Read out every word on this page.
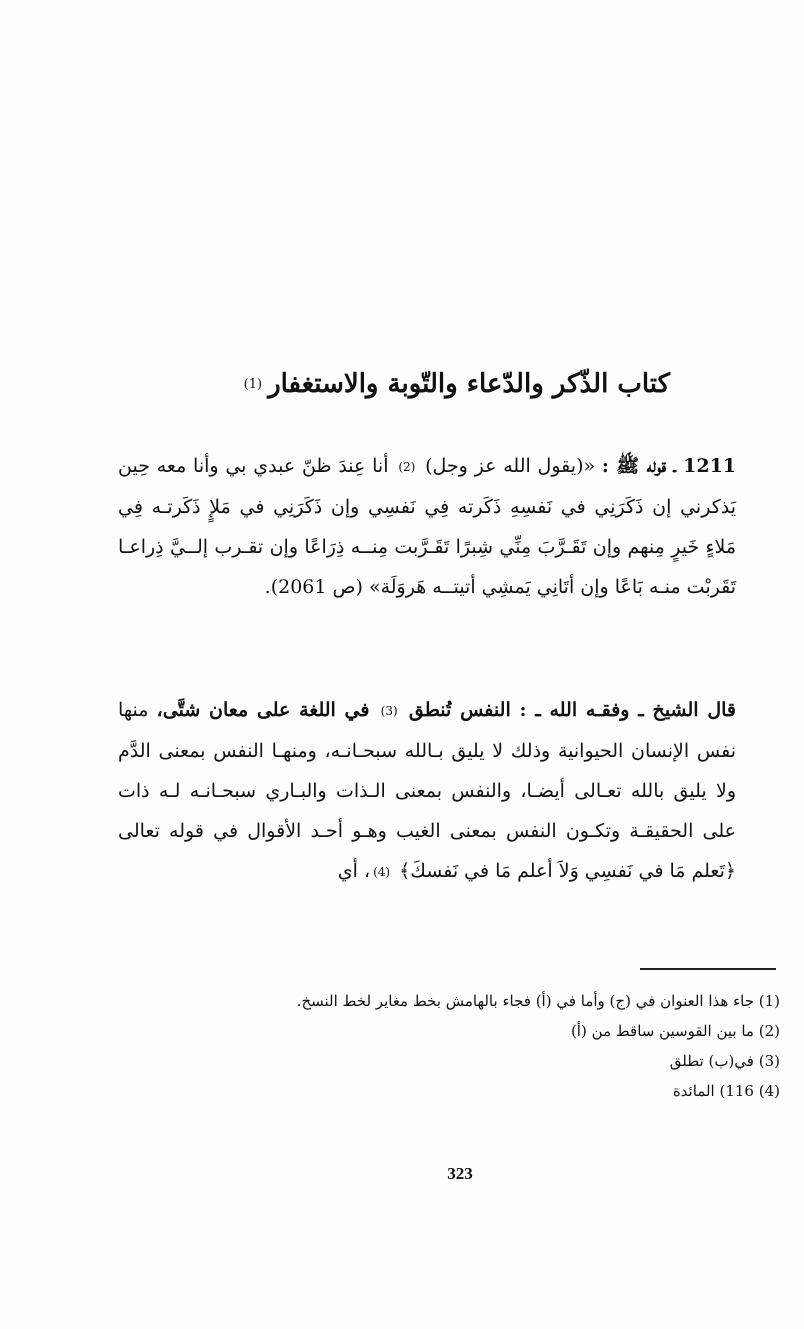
كتاب الذّكر والدّعاء والتّوبة والاستغفار(1)
1211 ـ قوله ﷺ : «(يقول الله عز وجل) (2) أنا عِندَ ظنّ عبدي بي وأنا معه حِين يَذكرني إن ذَكَرَنِي في نَفسِهِ ذَكَرته فِي نَفسِي وإن ذَكَرَنِي في مَلإٍ ذَكَرتـه فِي مَلاءٍ خَيرٍ مِنهم وإن تَقَـرَّبَ مِنِّي شِبرًا تَقَـرَّبت مِنــه ذِرَاعًا وإن تقـرب إلــيَّ ذِراعـا تَقَربْت منـه بَاعًا وإن أتَانِي يَمشِي أتيتــه هَروَلَة» (ص 2061).
قال الشيخ ـ وفقـه الله ـ : النفس تُنطق (3) في اللغة على معان شتَّى، منها نفس الإنسان الحيوانية وذلك لا يليق بـالله سبحـانـه، ومنهـا النفس بمعنى الدَّم ولا يليق بالله تعـالى أيضـا، والنفس بمعنى الـذات والبـاري سبحـانـه لـه ذات على الحقيقـة وتكـون النفس بمعنى الغيب وهـو أحـد الأقوال في قوله تعالى ﴿تَعلم مَا في نَفسِي وَلاَ أعلم مَا في نَفسكَ﴾ (4)، أي
(1) جاء هذا العنوان في (ج) وأما في (أ) فجاء بالهامش بخط مغاير لخط النسخ.
(2) ما بين القوسين ساقط من (أ)
(3) في(ب) تطلق
(4) 116) المائدة
323
